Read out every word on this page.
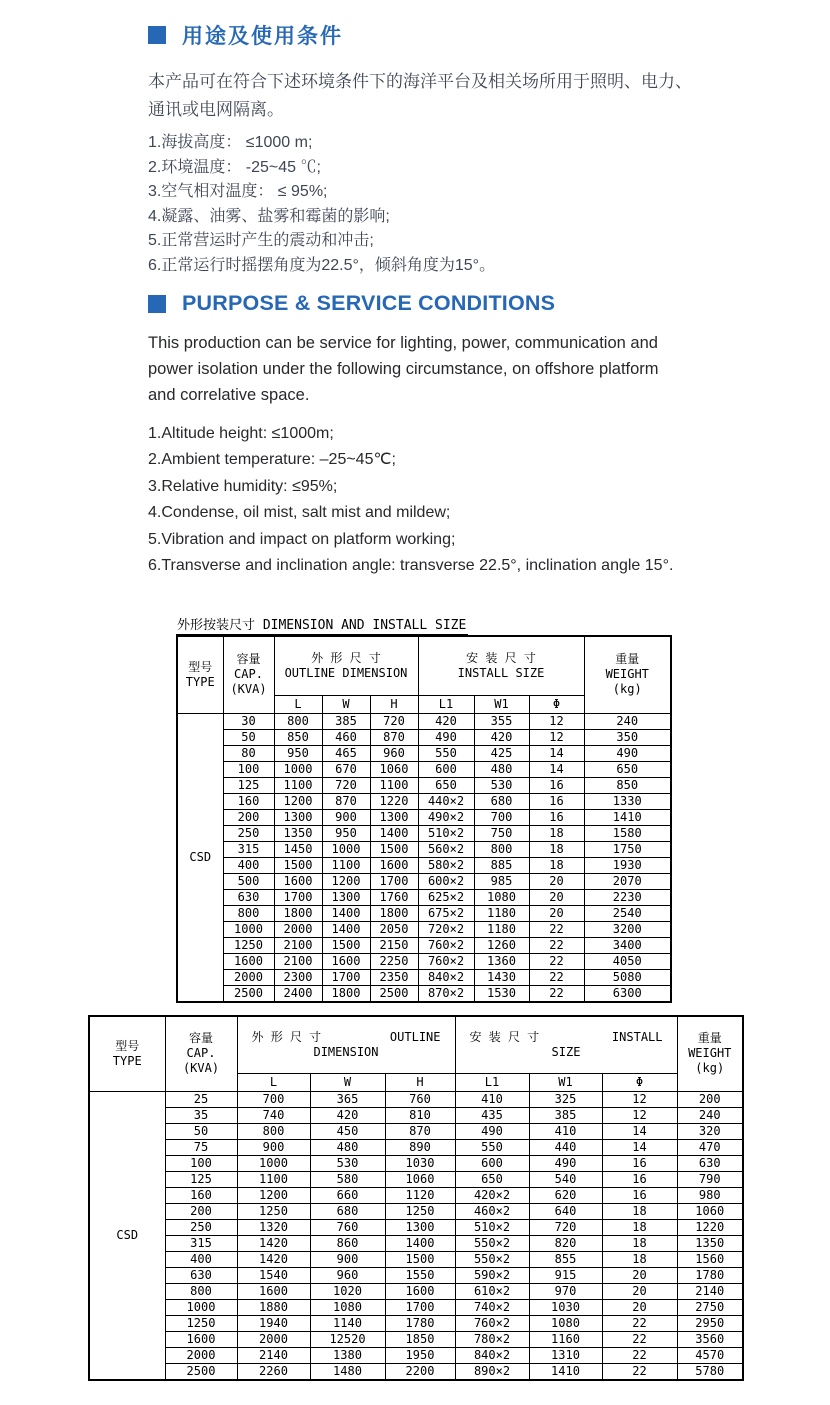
用途及使用条件
本产品可在符合下述环境条件下的海洋平台及相关场所用于照明、电力、
通讯或电网隔离。
1.海拔高度： ≤1000 m;
2.环境温度： -25~45 ℃;
3.空气相对温度： ≤ 95%;
4.凝露、油雾、盐雾和霉菌的影响;
5.正常营运时产生的震动和冲击;
6.正常运行时摇摆角度为22.5°，倾斜角度为15°。
PURPOSE & SERVICE CONDITIONS
This production can be service for lighting, power, communication and
power isolation under the following circumstance, on offshore platform
and correlative space.
1.Altitude height: ≤1000m;
2.Ambient temperature: –25~45℃;
3.Relative humidity: ≤95%;
4.Condense, oil mist, salt mist and mildew;
5.Vibration and impact on platform working;
6.Transverse and inclination angle: transverse 22.5°, inclination angle 15°.
外形按装尺寸 DIMENSION AND INSTALL SIZE
型号
TYPE

容量
CAP.
(KVA)

外 形 尺 寸
OUTLINE DIMENSION

安 装 尺 寸
INSTALL SIZE

重量
WEIGHT
(kg)

		L	W	H	L1	W1	Φ	
CSD	30	800	385	720	420	355	12	240
	50	850	460	870	490	420	12	350
	80	950	465	960	550	425	14	490
	100	1000	670	1060	600	480	14	650
	125	1100	720	1100	650	530	16	850
	160	1200	870	1220	440×2	680	16	1330
	200	1300	900	1300	490×2	700	16	1410
	250	1350	950	1400	510×2	750	18	1580
	315	1450	1000	1500	560×2	800	18	1750
	400	1500	1100	1600	580×2	885	18	1930
	500	1600	1200	1700	600×2	985	20	2070
	630	1700	1300	1760	625×2	1080	20	2230
	800	1800	1400	1800	675×2	1180	20	2540
	1000	2000	1400	2050	720×2	1180	22	3200
	1250	2100	1500	2150	760×2	1260	22	3400
	1600	2100	1600	2250	760×2	1360	22	4050
	2000	2300	1700	2350	840×2	1430	22	5080
	2500	2400	1800	2500	870×2	1530	22	6300
型号
TYPE

容量
CAP.
(KVA)

外 形 尺 寸	OUTLINE
DIMENSION

安 装 尺 寸	INSTALL
SIZE

重量
WEIGHT
(kg)

		L	W	H	L1	W1	Φ	
CSD	25	700	365	760	410	325	12	200
	35	740	420	810	435	385	12	240
	50	800	450	870	490	410	14	320
	75	900	480	890	550	440	14	470
	100	1000	530	1030	600	490	16	630
	125	1100	580	1060	650	540	16	790
	160	1200	660	1120	420×2	620	16	980
	200	1250	680	1250	460×2	640	18	1060
	250	1320	760	1300	510×2	720	18	1220
	315	1420	860	1400	550×2	820	18	1350
	400	1420	900	1500	550×2	855	18	1560
	630	1540	960	1550	590×2	915	20	1780
	800	1600	1020	1600	610×2	970	20	2140
	1000	1880	1080	1700	740×2	1030	20	2750
	1250	1940	1140	1780	760×2	1080	22	2950
	1600	2000	12520	1850	780×2	1160	22	3560
	2000	2140	1380	1950	840×2	1310	22	4570
	2500	2260	1480	2200	890×2	1410	22	5780
